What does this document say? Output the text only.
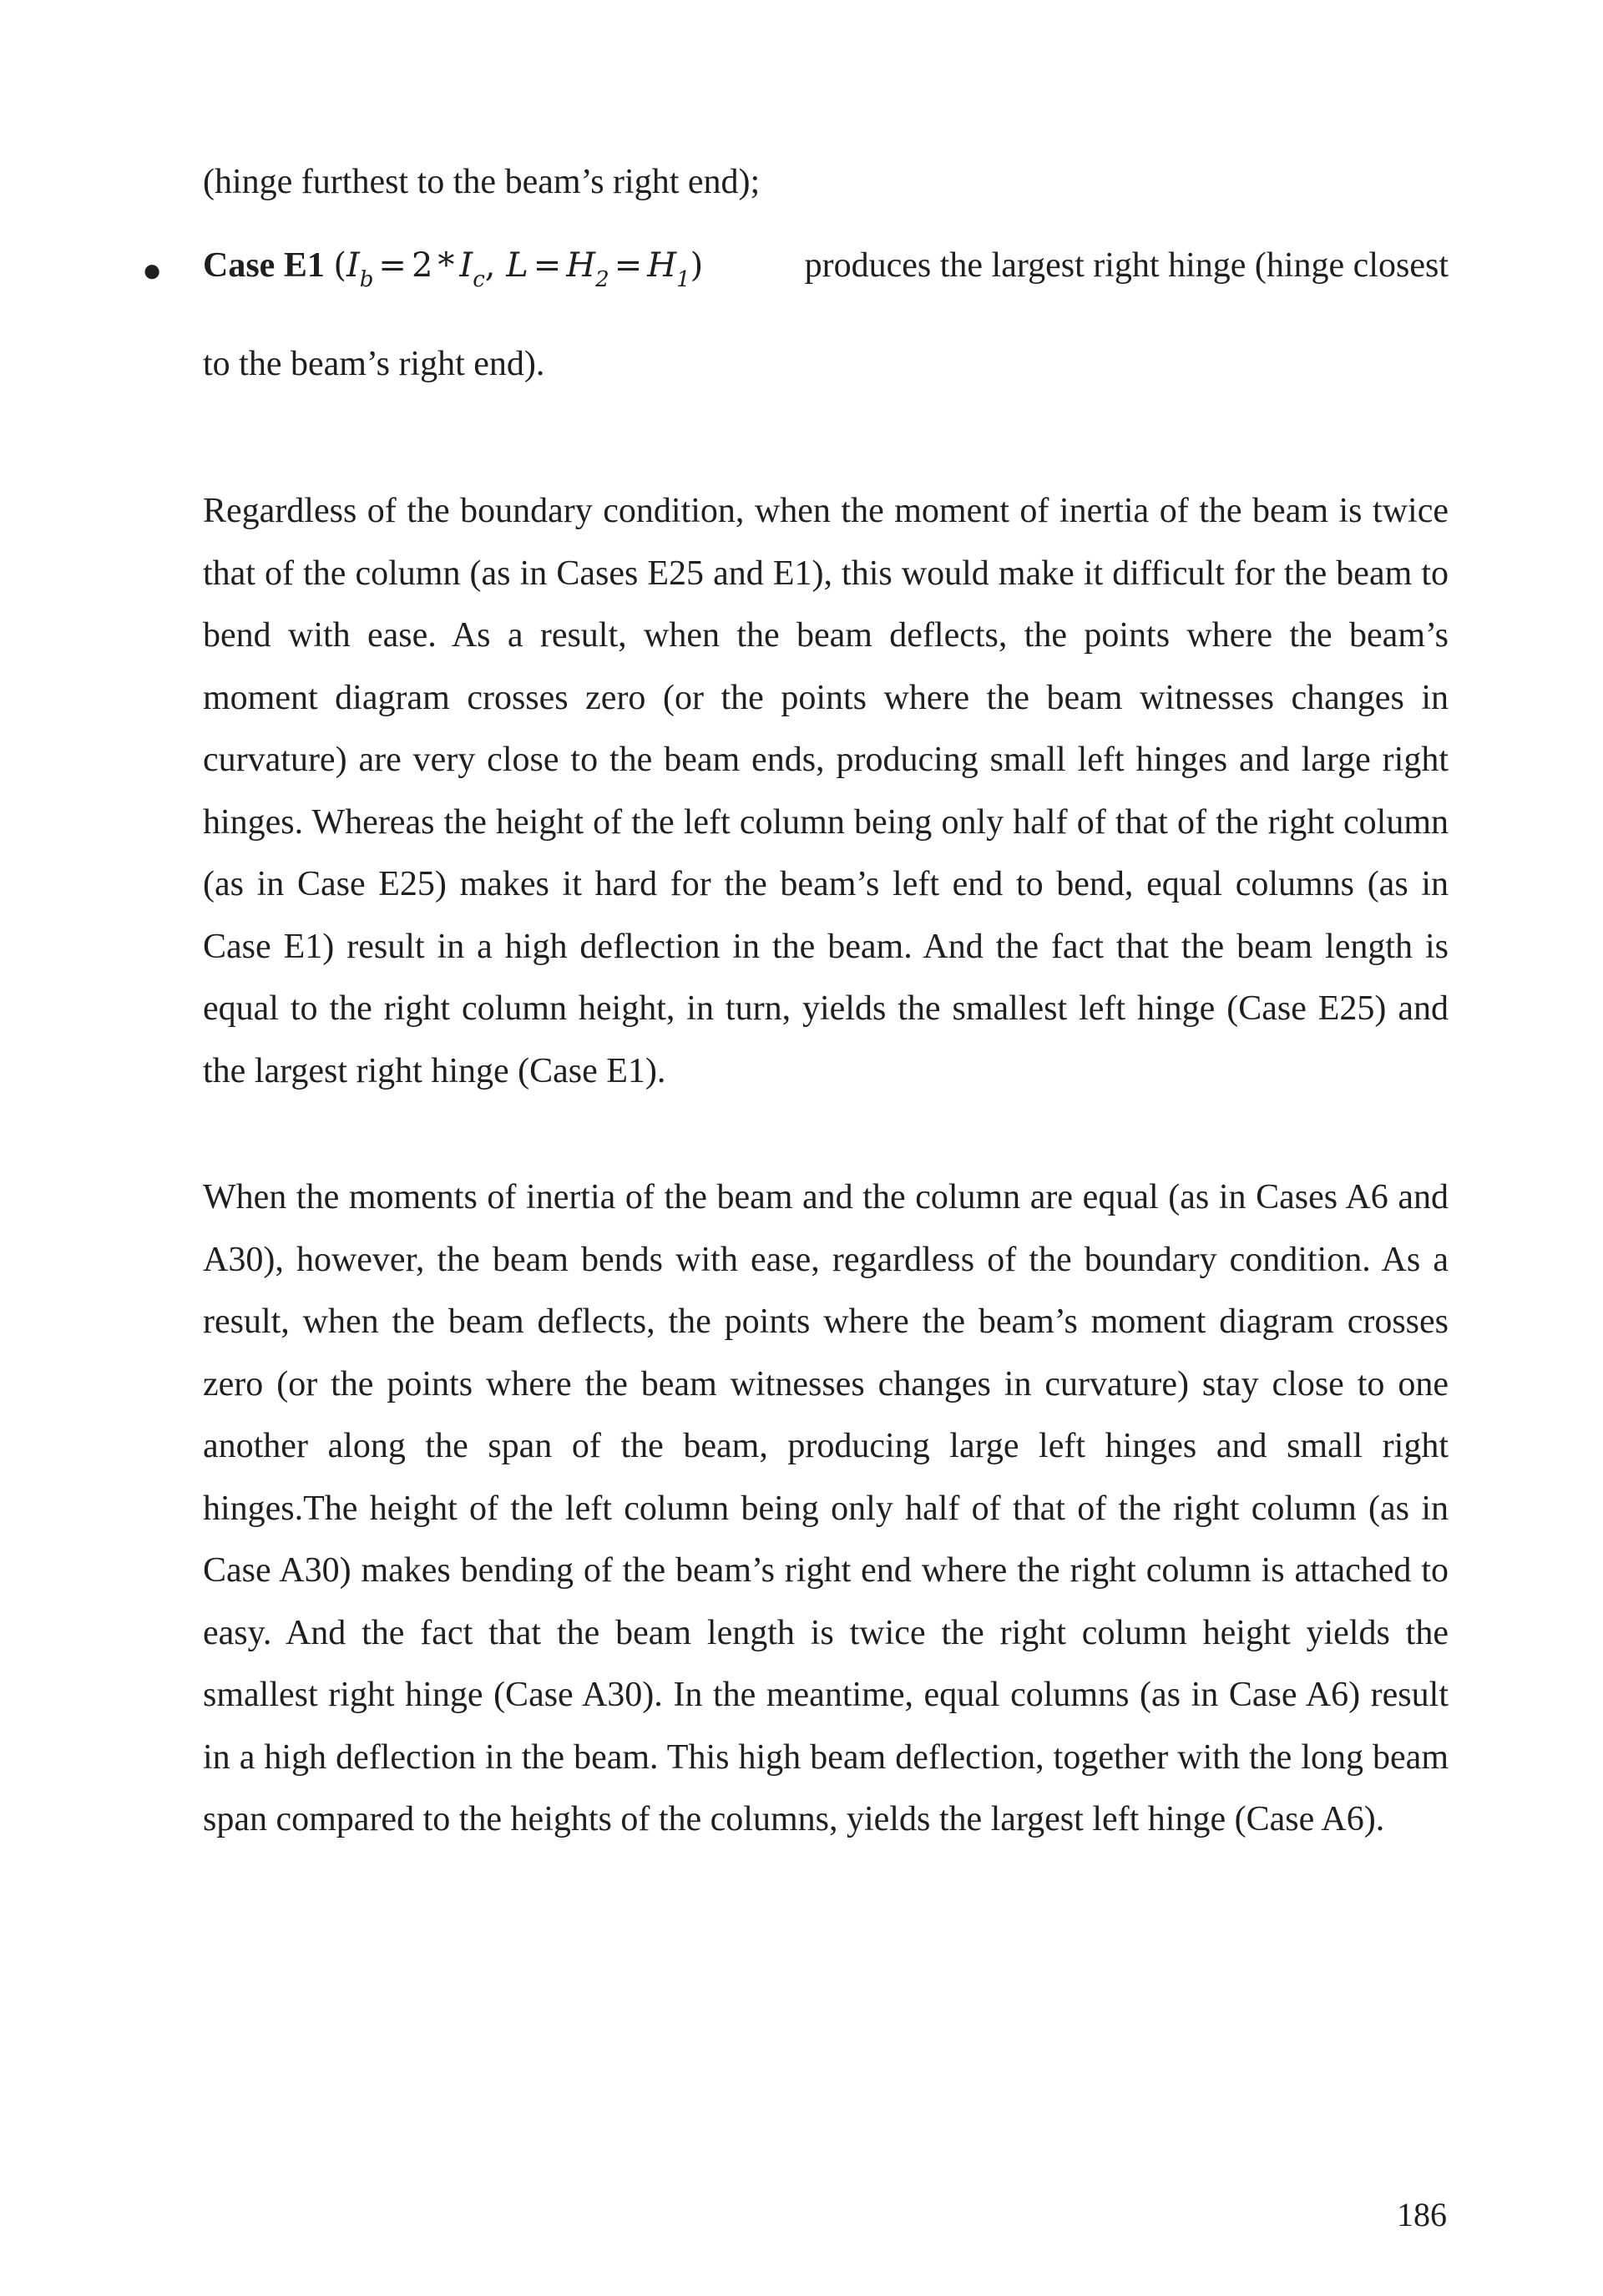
(hinge furthest to the beam’s right end);
● Case E1 ($I_b = 2 * I_c$, $L = H_2 = H_1$)	produces the largest right hinge (hinge closest
to the beam’s right end).

Regardless of the boundary condition, when the moment of inertia of the beam is twice that of the column (as in Cases E25 and E1), this would make it difficult for the beam to bend with ease. As a result, when the beam deflects, the points where the beam’s moment diagram crosses zero (or the points where the beam witnesses changes in curvature) are very close to the beam ends, producing small left hinges and large right hinges. Whereas the height of the left column being only half of that of the right column (as in Case E25) makes it hard for the beam’s left end to bend, equal columns (as in Case E1) result in a high deflection in the beam. And the fact that the beam length is equal to the right column height, in turn, yields the smallest left hinge (Case E25) and the largest right hinge (Case E1).

When the moments of inertia of the beam and the column are equal (as in Cases A6 and A30), however, the beam bends with ease, regardless of the boundary condition. As a result, when the beam deflects, the points where the beam’s moment diagram crosses zero (or the points where the beam witnesses changes in curvature) stay close to one another along the span of the beam, producing large left hinges and small right hinges.The height of the left column being only half of that of the right column (as in Case A30) makes bending of the beam’s right end where the right column is attached to easy. And the fact that the beam length is twice the right column height yields the smallest right hinge (Case A30). In the meantime, equal columns (as in Case A6) result in a high deflection in the beam. This high beam deflection, together with the long beam span compared to the heights of the columns, yields the largest left hinge (Case A6).

186
